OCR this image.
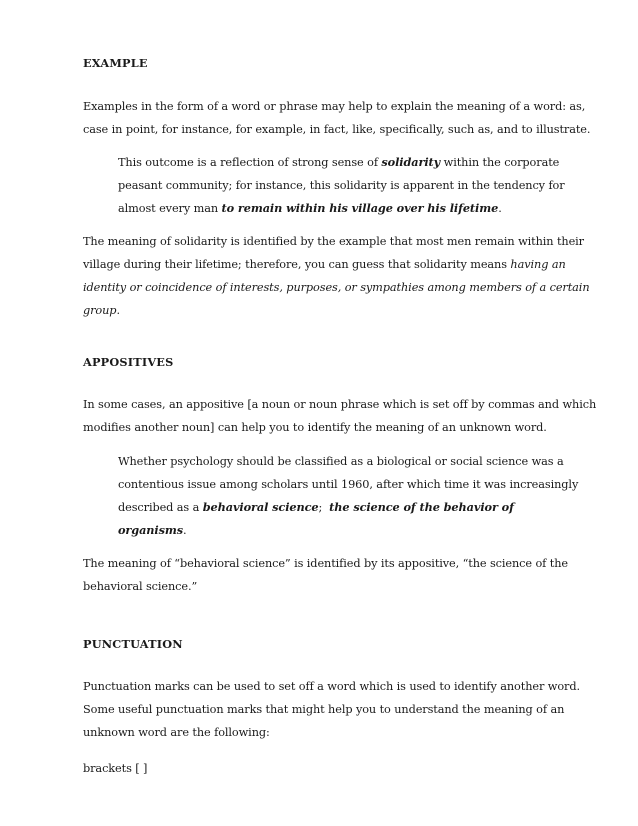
EXAMPLE
Examples in the form of a word or phrase may help to explain the meaning of a word: as,
case in point, for instance, for example, in fact, like, specifically, such as, and to illustrate.
This outcome is a reflection of strong sense of solidarity within the corporate
peasant community; for instance, this solidarity is apparent in the tendency for
almost every man to remain within his village over his lifetime.
The meaning of solidarity is identified by the example that most men remain within their
village during their lifetime; therefore, you can guess that solidarity means having an
identity or coincidence of interests, purposes, or sympathies among members of a certain
group.
APPOSITIVES
In some cases, an appositive [a noun or noun phrase which is set off by commas and which
modifies another noun] can help you to identify the meaning of an unknown word.
Whether psychology should be classified as a biological or social science was a
contentious issue among scholars until 1960, after which time it was increasingly
described as a behavioral science;  the science of the behavior of
organisms.
The meaning of “behavioral science” is identified by its appositive, “the science of the
behavioral science.”
PUNCTUATION
Punctuation marks can be used to set off a word which is used to identify another word.
Some useful punctuation marks that might help you to understand the meaning of an
unknown word are the following:
brackets [ ]
